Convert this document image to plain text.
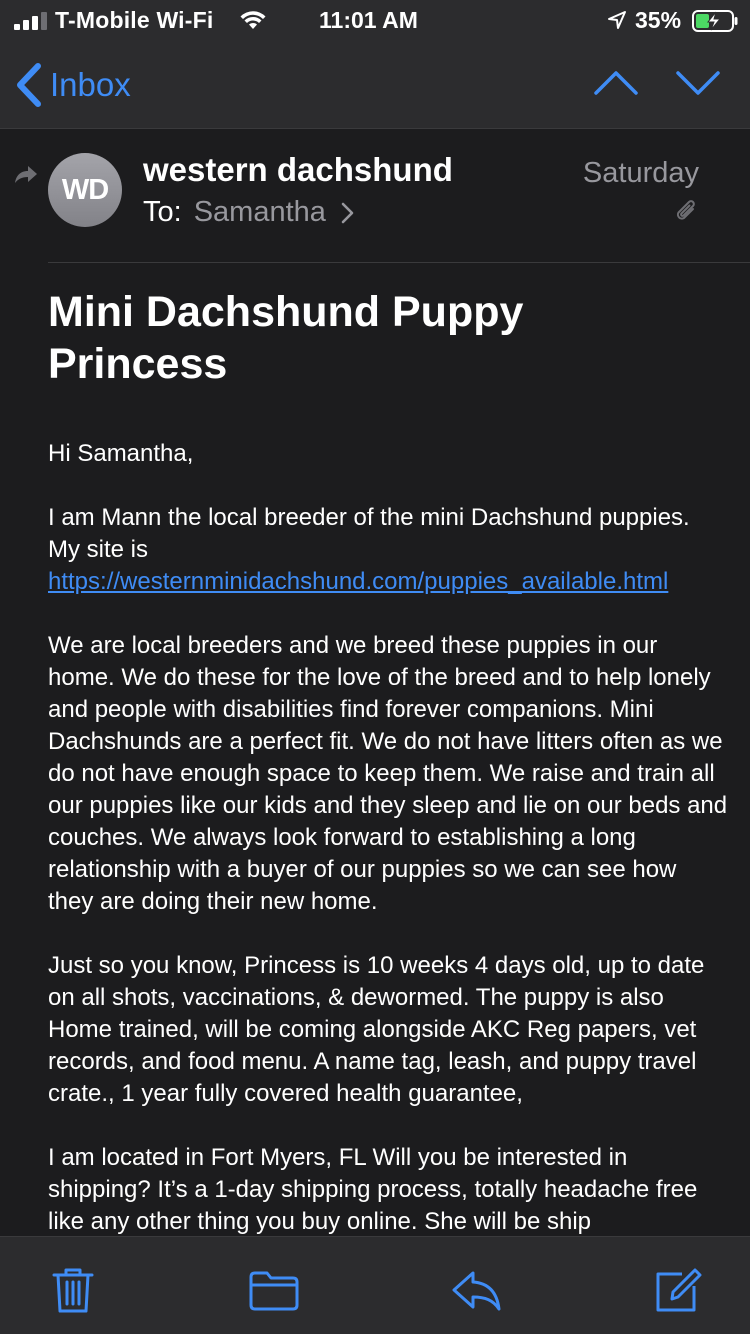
T-Mobile Wi-Fi	11:01 AM	35%
Inbox
WD
western dachshund
To: Samantha
Saturday
Mini Dachshund Puppy Princess

Hi Samantha,

I am Mann the local breeder of the mini Dachshund puppies. My site is https://westernminidachshund.com/puppies_available.html

We are local breeders and we breed these puppies in our home. We do these for the love of the breed and to help lonely and people with disabilities find forever companions. Mini Dachshunds are a perfect fit. We do not have litters often as we do not have enough space to keep them. We raise and train all our puppies like our kids and they sleep and lie on our beds and couches. We always look forward to establishing a long relationship with a buyer of our puppies so we can see how they are doing their new home.

Just so you know, Princess is 10 weeks 4 days old, up to date on all shots, vaccinations, & dewormed. The puppy is also Home trained, will be coming alongside AKC Reg papers, vet records, and food menu. A name tag, leash, and puppy travel crate., 1 year fully covered health guarantee,

I am located in Fort Myers, FL Will you be interested in shipping? It’s a 1-day shipping process, totally headache free like any other thing you buy online. She will be ship
